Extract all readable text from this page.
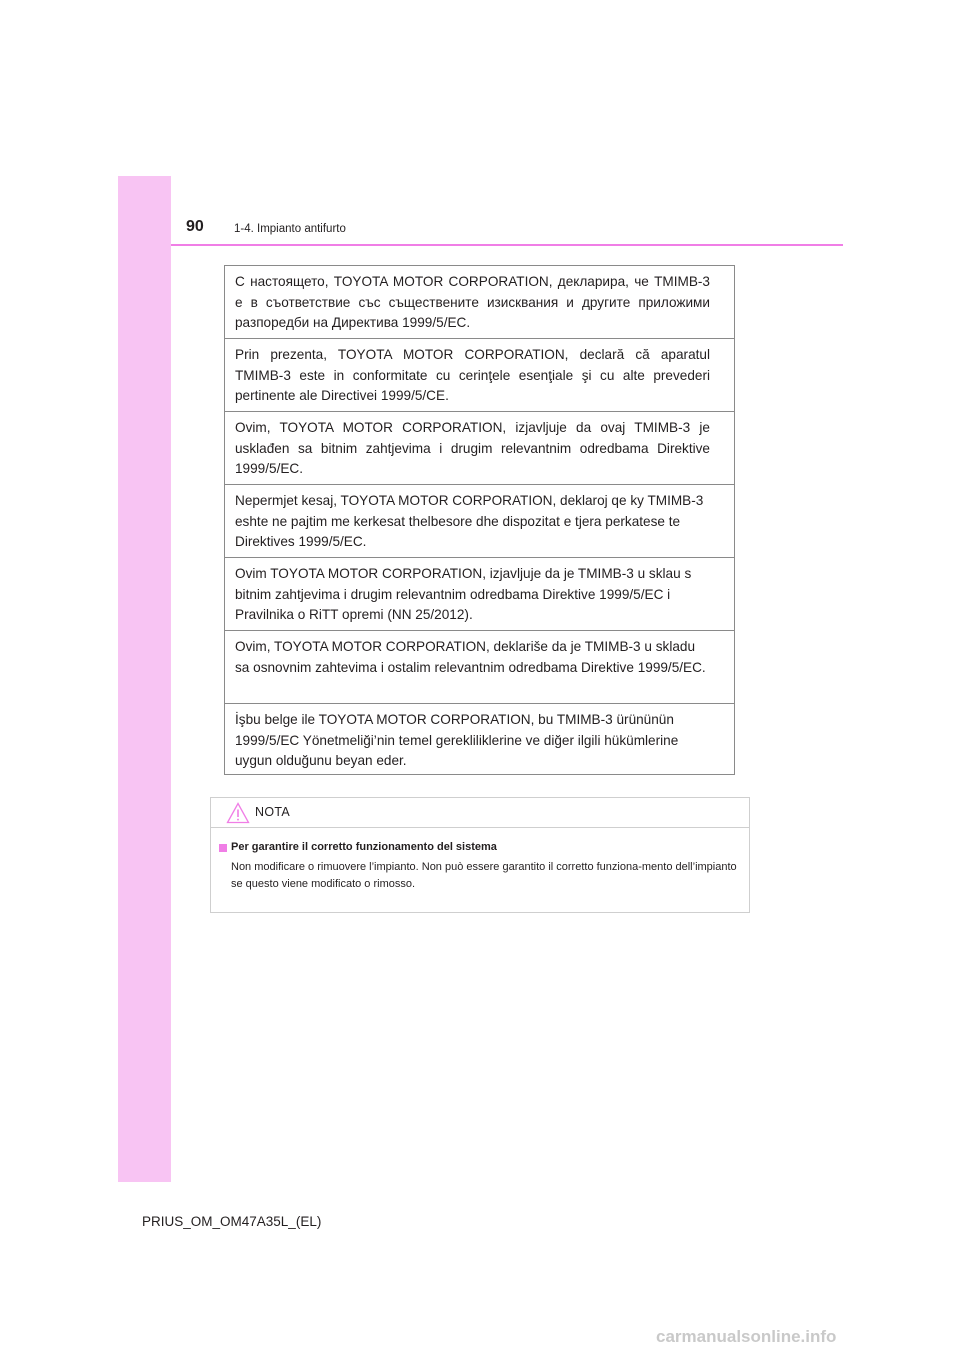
90	1-4. Impianto antifurto
С настоящето, TOYOTA MOTOR CORPORATION, декларира, че TMIMB-3 е в съответствие със съществените изисквания и другите приложими разпоредби на Директива 1999/5/ЕС.
Prin prezenta, TOYOTA MOTOR CORPORATION, declară că aparatul TMIMB-3 este in conformitate cu cerinţele esenţiale şi cu alte prevederi pertinente ale Directivei 1999/5/CE.
Ovim, TOYOTA MOTOR CORPORATION, izjavljuje da ovaj TMIMB-3 je usklađen sa bitnim zahtjevima i drugim relevantnim odredbama Direktive 1999/5/EC.
Nepermjet kesaj, TOYOTA MOTOR CORPORATION, deklaroj qe ky TMIMB-3 eshte ne pajtim me kerkesat thelbesore dhe dispozitat e tjera perkatese te Direktives 1999/5/EC.
Ovim TOYOTA MOTOR CORPORATION, izjavljuje da je TMIMB-3 u sklau s bitnim zahtjevima i drugim relevantnim odredbama Direktive 1999/5/EC i Pravilnika o RiTT opremi (NN 25/2012).
Ovim, TOYOTA MOTOR CORPORATION, deklariše da je TMIMB-3 u skladu sa osnovnim zahtevima i ostalim relevantnim odredbama Direktive 1999/5/EC.
İşbu belge ile TOYOTA MOTOR CORPORATION, bu TMIMB-3 ürününün 1999/5/EC Yönetmeliği’nin temel gerekliliklerine ve diğer ilgili hükümlerine uygun olduğunu beyan eder.
NOTA
Per garantire il corretto funzionamento del sistema
Non modificare o rimuovere l’impianto. Non può essere garantito il corretto funziona-mento dell’impianto se questo viene modificato o rimosso.
PRIUS_OM_OM47A35L_(EL)
carmanualsonline.info
